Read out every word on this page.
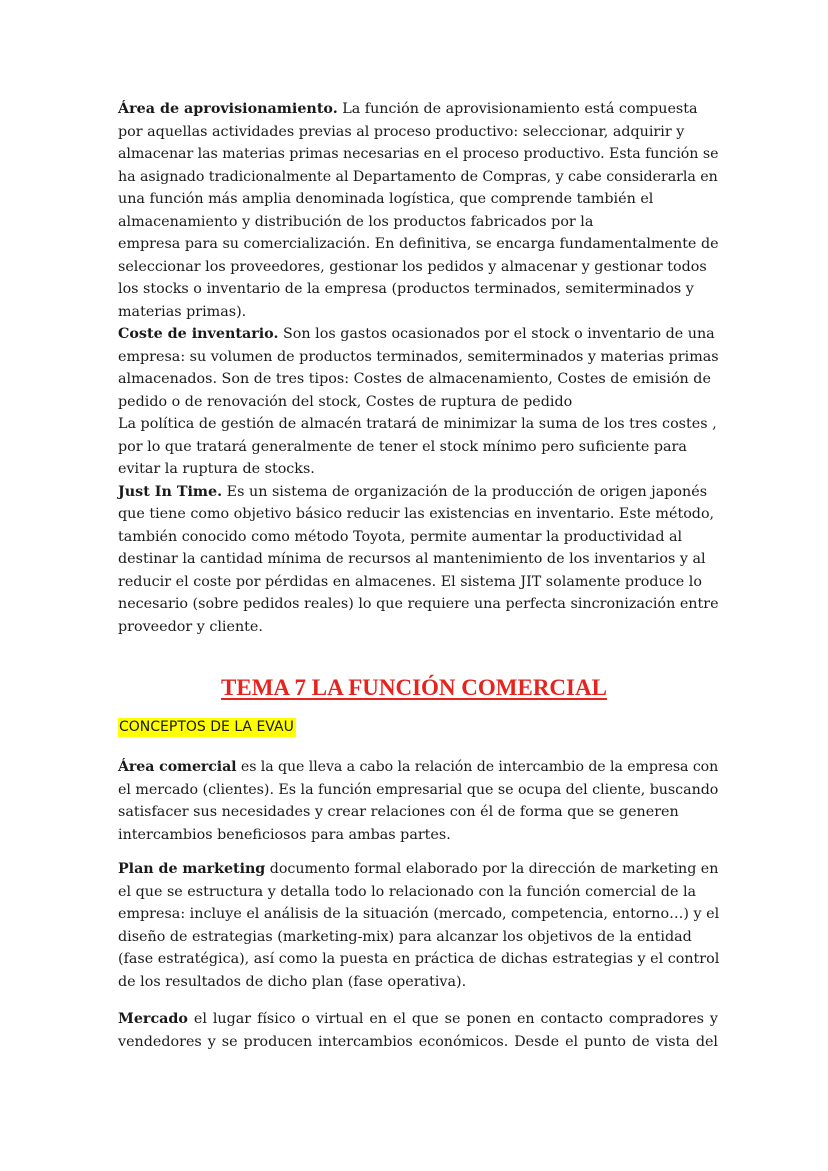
Área de aprovisionamiento. La función de aprovisionamiento está compuesta
por aquellas actividades previas al proceso productivo: seleccionar, adquirir y
almacenar las materias primas necesarias en el proceso productivo. Esta función se
ha asignado tradicionalmente al Departamento de Compras, y cabe considerarla en
una función más amplia denominada logística, que comprende también el
almacenamiento y distribución de los productos fabricados por la
empresa para su comercialización. En definitiva, se encarga fundamentalmente de
seleccionar los proveedores, gestionar los pedidos y almacenar y gestionar todos
los stocks o inventario de la empresa (productos terminados, semiterminados y
materias primas).
Coste de inventario. Son los gastos ocasionados por el stock o inventario de una
empresa: su volumen de productos terminados, semiterminados y materias primas
almacenados. Son de tres tipos: Costes de almacenamiento, Costes de emisión de
pedido o de renovación del stock, Costes de ruptura de pedido
La política de gestión de almacén tratará de minimizar la suma de los tres costes ,
por lo que tratará generalmente de tener el stock mínimo pero suficiente para
evitar la ruptura de stocks.
Just In Time. Es un sistema de organización de la producción de origen japonés
que tiene como objetivo básico reducir las existencias en inventario. Este método,
también conocido como método Toyota, permite aumentar la productividad al
destinar la cantidad mínima de recursos al mantenimiento de los inventarios y al
reducir el coste por pérdidas en almacenes. El sistema JIT solamente produce lo
necesario (sobre pedidos reales) lo que requiere una perfecta sincronización entre
proveedor y cliente.
TEMA 7 LA FUNCIÓN COMERCIAL
CONCEPTOS DE LA EVAU
Área comercial es la que lleva a cabo la relación de intercambio de la empresa con
el mercado (clientes). Es la función empresarial que se ocupa del cliente, buscando
satisfacer sus necesidades y crear relaciones con él de forma que se generen
intercambios beneficiosos para ambas partes.
Plan de marketing documento formal elaborado por la dirección de marketing en
el que se estructura y detalla todo lo relacionado con la función comercial de la
empresa: incluye el análisis de la situación (mercado, competencia, entorno…) y el
diseño de estrategias (marketing-mix) para alcanzar los objetivos de la entidad
(fase estratégica), así como la puesta en práctica de dichas estrategias y el control
de los resultados de dicho plan (fase operativa).
Mercado el lugar físico o virtual en el que se ponen en contacto compradores y
vendedores y se producen intercambios económicos. Desde el punto de vista del
